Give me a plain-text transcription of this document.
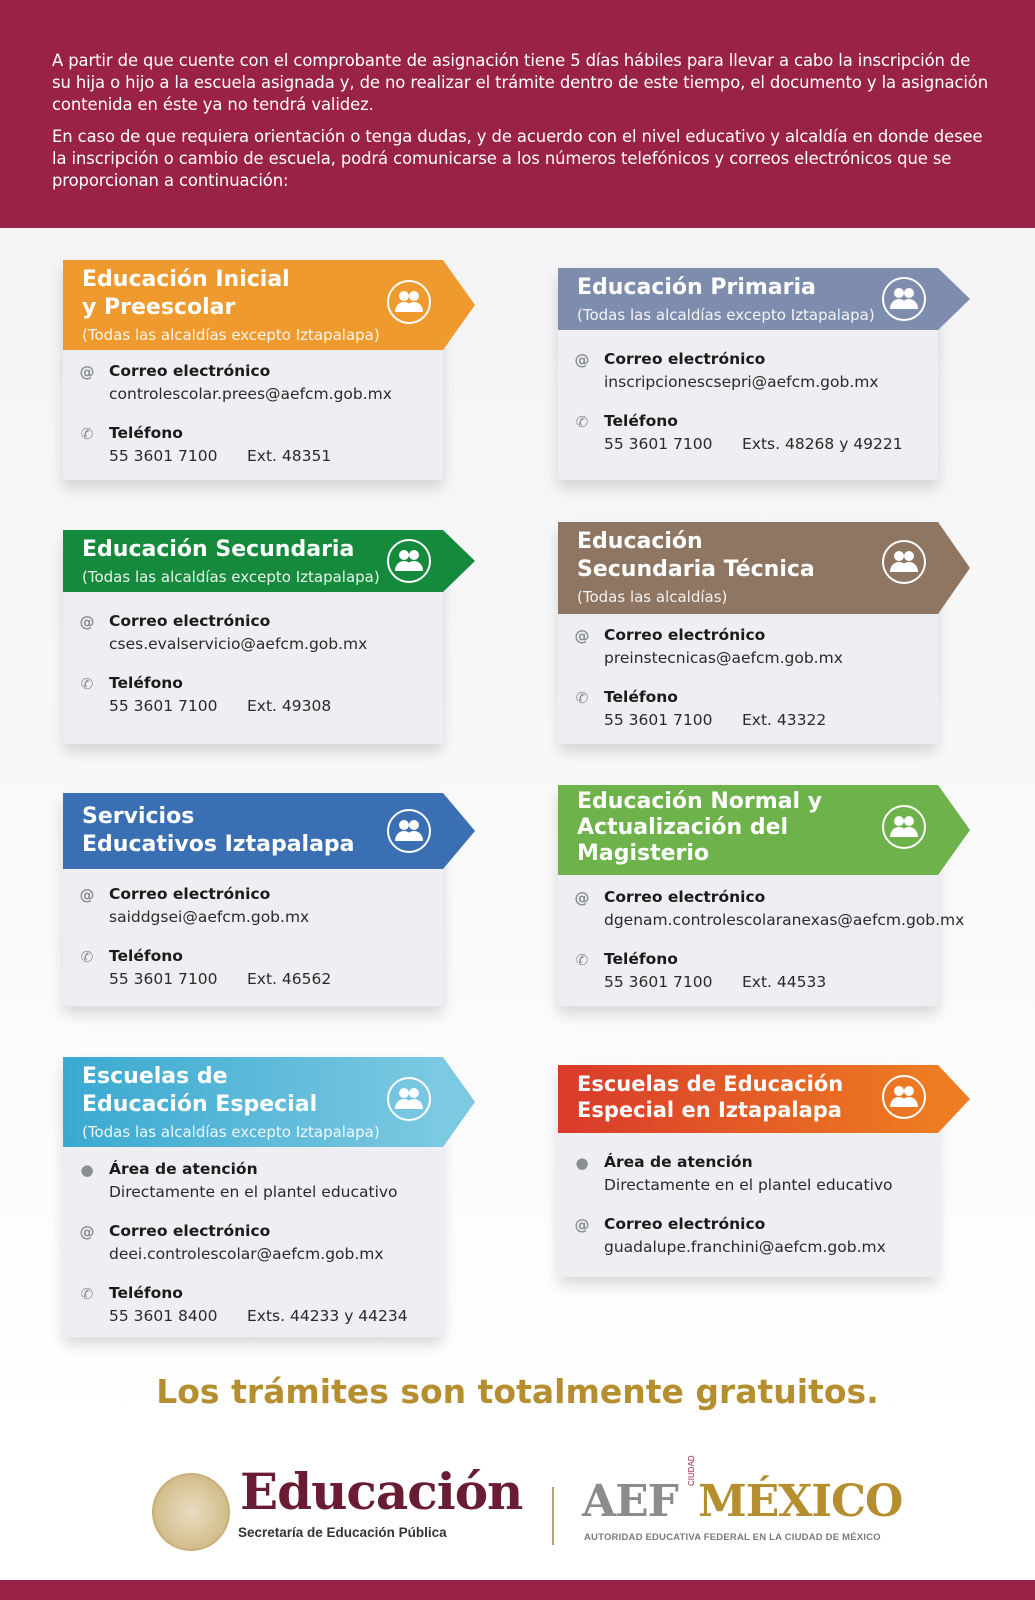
A partir de que cuente con el comprobante de asignación tiene 5 días hábiles para llevar a cabo la inscripción de su hija o hijo a la escuela asignada y, de no realizar el trámite dentro de este tiempo, el documento y la asignación contenida en éste ya no tendrá validez.

En caso de que requiera orientación o tenga dudas, y de acuerdo con el nivel educativo y alcaldía en donde desee la inscripción o cambio de escuela, podrá comunicarse a los números telefónicos y correos electrónicos que se proporcionan a continuación:

Educación Inicial
y Preescolar
(Todas las alcaldías excepto Iztapalapa)
@ Correo electrónico
controlescolar.prees@aefcm.gob.mx
✆ Teléfono
55 3601 7100 Ext. 48351
Educación Primaria
(Todas las alcaldías excepto Iztapalapa)
@ Correo electrónico
inscripcionescsepri@aefcm.gob.mx
✆ Teléfono
55 3601 7100 Exts. 48268 y 49221
Educación Secundaria
(Todas las alcaldías excepto Iztapalapa)
@ Correo electrónico
cses.evalservicio@aefcm.gob.mx
✆ Teléfono
55 3601 7100 Ext. 49308
Educación
Secundaria Técnica
(Todas las alcaldías)
@ Correo electrónico
preinstecnicas@aefcm.gob.mx
✆ Teléfono
55 3601 7100 Ext. 43322
Servicios
Educativos Iztapalapa
@ Correo electrónico
saiddgsei@aefcm.gob.mx
✆ Teléfono
55 3601 7100 Ext. 46562
Educación Normal y
Actualización del
Magisterio
@ Correo electrónico
dgenam.controlescolaranexas@aefcm.gob.mx
✆ Teléfono
55 3601 7100 Ext. 44533
Escuelas de
Educación Especial
(Todas las alcaldías excepto Iztapalapa)
● Área de atención
Directamente en el plantel educativo
@ Correo electrónico
deei.controlescolar@aefcm.gob.mx
✆ Teléfono
55 3601 8400 Exts. 44233 y 44234
Escuelas de Educación
Especial en Iztapalapa
● Área de atención
Directamente en el plantel educativo
@ Correo electrónico
guadalupe.franchini@aefcm.gob.mx
Los trámites son totalmente gratuitos.
Educación
Secretaría de Educación Pública
AEF
CIUDAD
MÉXICO
AUTORIDAD EDUCATIVA FEDERAL EN LA CIUDAD DE MÉXICO
